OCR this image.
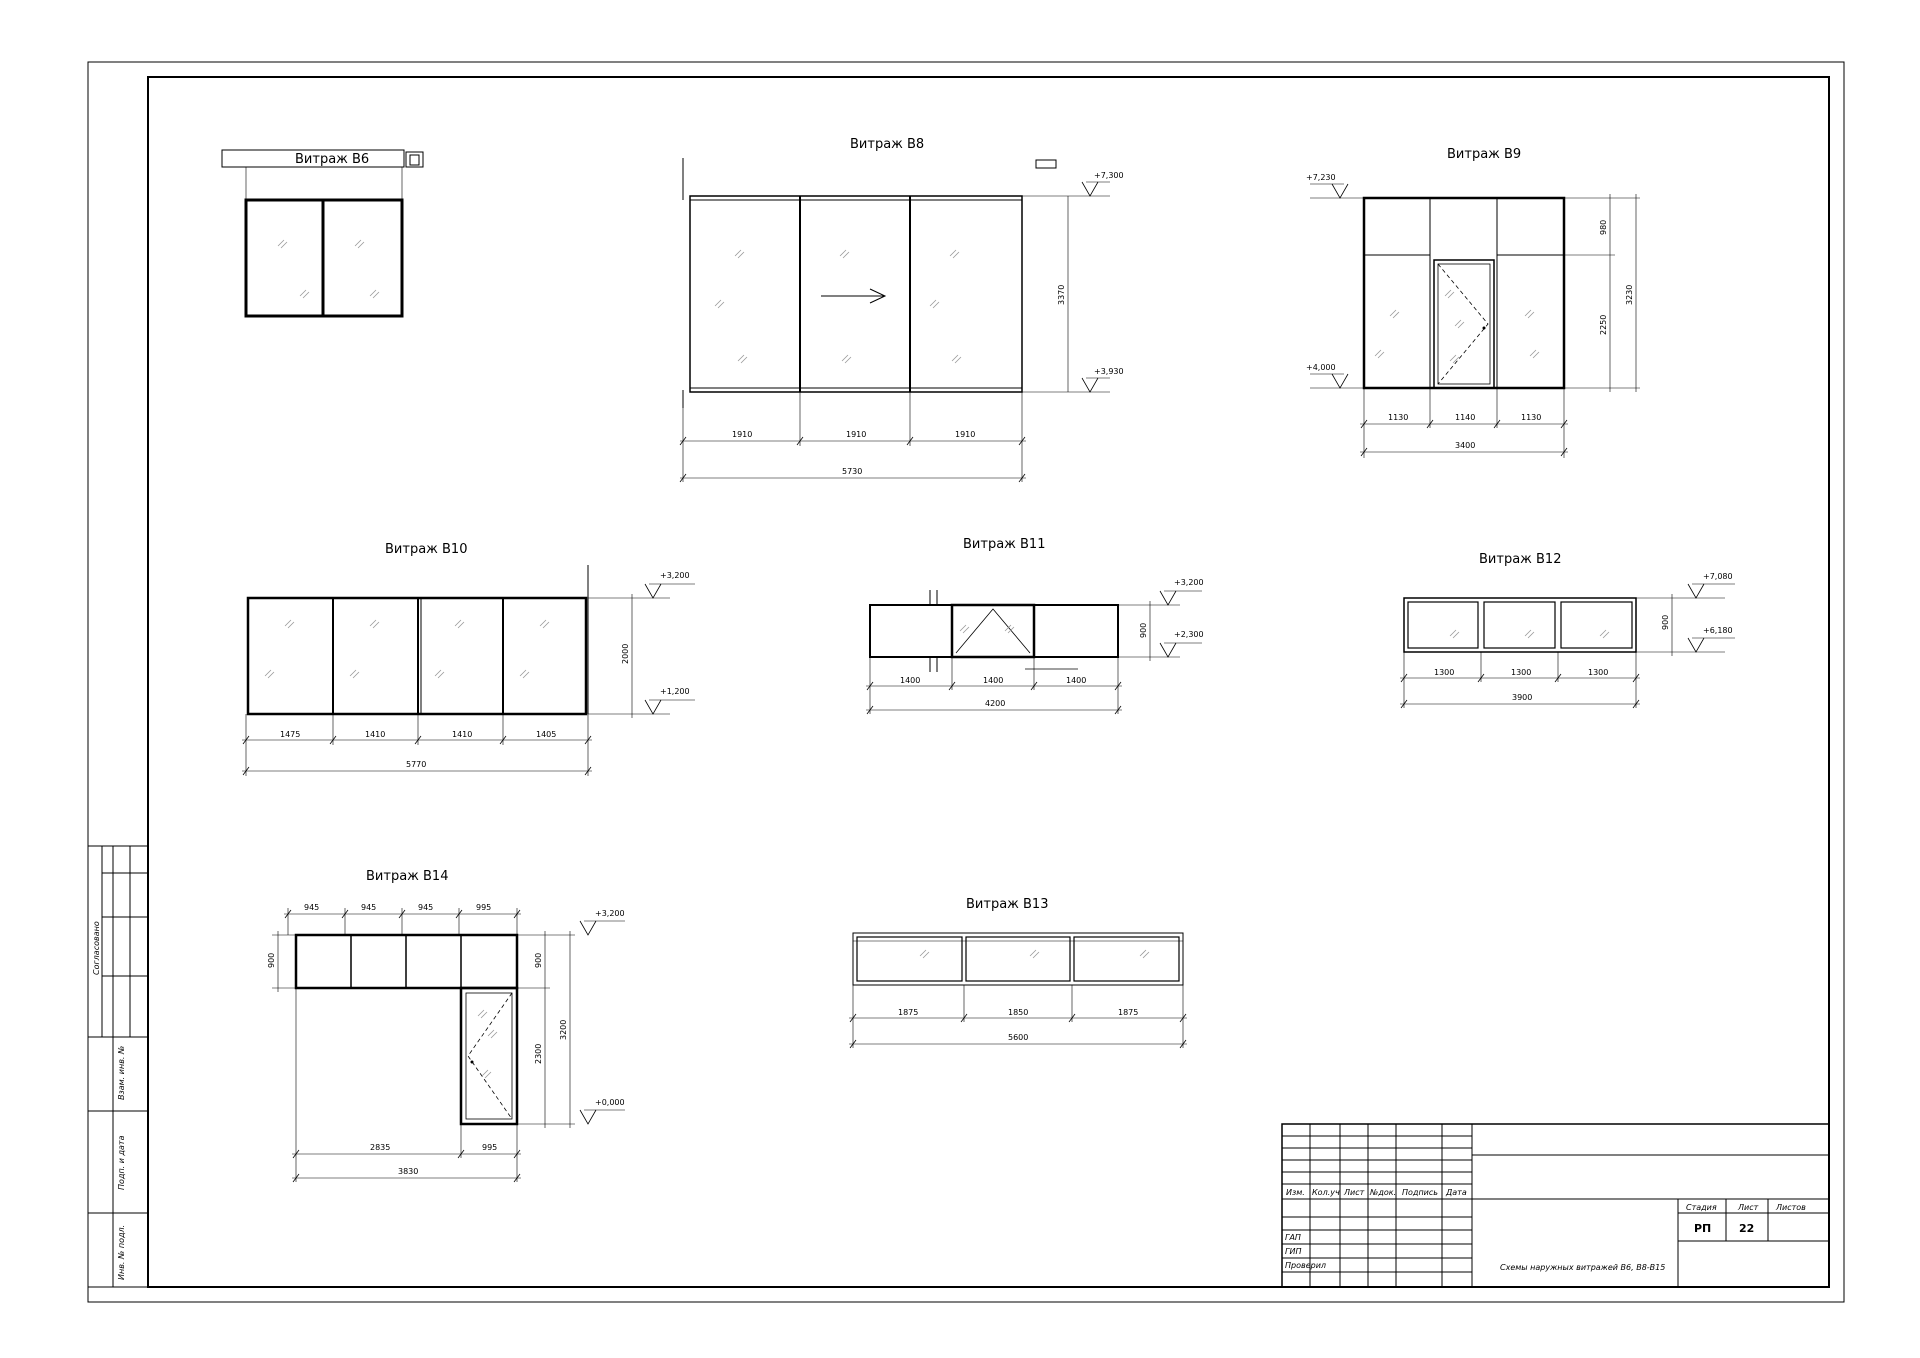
Согласовано
Взам. инв. №
Подп. и дата
Инв. № подл.
Изм. Кол.уч Лист №док. Подпись Дата
ГАП
ГИП
Проверил	Схемы наружных витражей В6, В8-В15
Стадия	Лист Листов
РП	22
Витраж В6
Витраж В8
3370
+7,300
+3,930
1910	1910	1910
5730
Витраж В9
980
2250
3230
+7,230
+4,000
1130	1140	1130
3400
Витраж В10
2000
+3,200
+1,200
1475	1410	1410	1405
5770
Витраж В11
900
+3,200
+2,300
1400	1400	1400
4200
Витраж В12
900
+7,080
+6,180
1300	1300	1300
3900
Витраж В13
1875	1850	1875
5600
Витраж В14
945	945	945	995
900	900
2300
3200
+3,200
+0,000
2835	995
3830
